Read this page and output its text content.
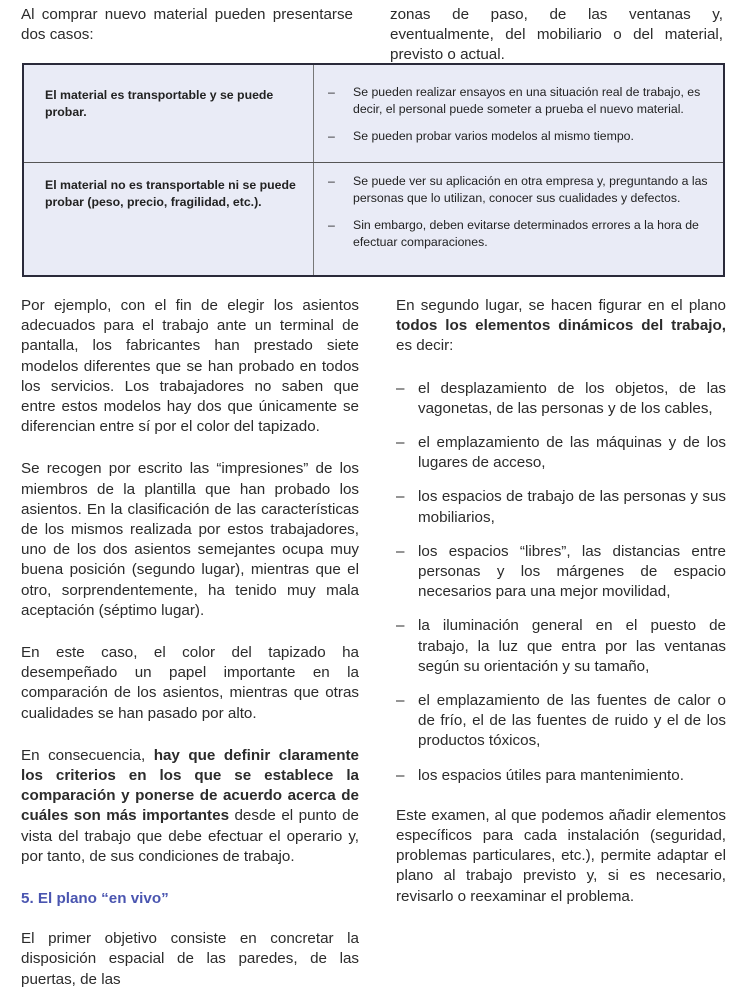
Al comprar nuevo material pueden presentarse dos casos:

zonas de paso, de las ventanas y, eventualmente, del mobiliario o del material, previsto o actual.

El material es transportable y se puede probar.
– Se pueden realizar ensayos en una situación real de trabajo, es decir, el personal puede someter a prueba el nuevo material.
– Se pueden probar varios modelos al mismo tiempo.
El material no es transportable ni se puede probar (peso, precio, fragilidad, etc.).
– Se puede ver su aplicación en otra empresa y, preguntando a las personas que lo utilizan, conocer sus cualidades y defectos.
– Sin embargo, deben evitarse determinados errores a la hora de efectuar comparaciones.

Por ejemplo, con el fin de elegir los asientos adecuados para el trabajo ante un terminal de pantalla, los fabricantes han prestado siete modelos diferentes que se han probado en todos los servicios. Los trabajadores no saben que entre estos modelos hay dos que únicamente se diferencian entre sí por el color del tapizado.

Se recogen por escrito las “impresiones” de los miembros de la plantilla que han probado los asientos. En la clasificación de las características de los mismos realizada por estos trabajadores, uno de los dos asientos semejantes ocupa muy buena posición (segundo lugar), mientras que el otro, sorprendentemente, ha tenido muy mala aceptación (séptimo lugar).

En este caso, el color del tapizado ha desempeñado un papel importante en la comparación de los asientos, mientras que otras cualidades se han pasado por alto.

En consecuencia, hay que definir claramente los criterios en los que se establece la comparación y ponerse de acuerdo acerca de cuáles son más importantes desde el punto de vista del trabajo que debe efectuar el operario y, por tanto, de sus condiciones de trabajo.

5. El plano “en vivo”

El primer objetivo consiste en concretar la disposición espacial de las paredes, de las puertas, de las

En segundo lugar, se hacen figurar en el plano todos los elementos dinámicos del trabajo, es decir:

– el desplazamiento de los objetos, de las vagonetas, de las personas y de los cables,
– el emplazamiento de las máquinas y de los lugares de acceso,
– los espacios de trabajo de las personas y sus mobiliarios,
– los espacios “libres”, las distancias entre personas y los márgenes de espacio necesarios para una mejor movilidad,
– la iluminación general en el puesto de trabajo, la luz que entra por las ventanas según su orientación y su tamaño,
– el emplazamiento de las fuentes de calor o de frío, el de las fuentes de ruido y el de los productos tóxicos,
– los espacios útiles para mantenimiento.

Este examen, al que podemos añadir elementos específicos para cada instalación (seguridad, problemas particulares, etc.), permite adaptar el plano al trabajo previsto y, si es necesario, revisarlo o reexaminar el problema.
